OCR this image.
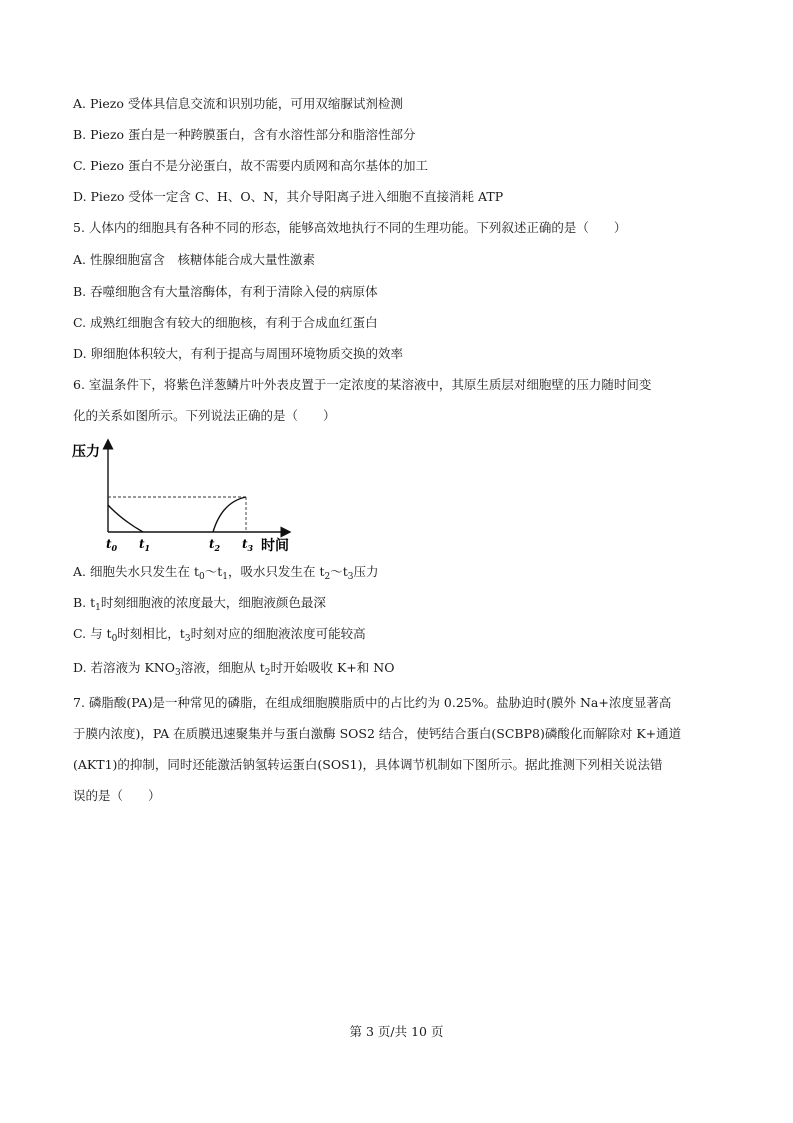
A. Piezo 受体具信息交流和识别功能，可用双缩脲试剂检测
B. Piezo 蛋白是一种跨膜蛋白，含有水溶性部分和脂溶性部分
C. Piezo 蛋白不是分泌蛋白，故不需要内质网和高尔基体的加工
D. Piezo 受体一定含 C、H、O、N，其介导阳离子进入细胞不直接消耗 ATP
5. 人体内的细胞具有各种不同的形态，能够高效地执行不同的生理功能。下列叙述正确的是（　　）
A. 性腺细胞富含　核糖体能合成大量性激素
B. 吞噬细胞含有大量溶酶体，有利于清除入侵的病原体
C. 成熟红细胞含有较大的细胞核，有利于合成血红蛋白
D. 卵细胞体积较大，有利于提高与周围环境物质交换的效率
6. 室温条件下，将紫色洋葱鳞片叶外表皮置于一定浓度的某溶液中，其原生质层对细胞壁的压力随时间变
化的关系如图所示。下列说法正确的是（　　）
压力
时间
$t_0$ $t_1$	$t_2$ $t_3$
A. 细胞失水只发生在 $t_0\sim t_1$，吸水只发生在 $t_2\sim t_3$压力
B. $t_1$时刻细胞液的浓度最大，细胞液颜色最深
C. 与 $t_0$时刻相比，$t_3$时刻对应的细胞液浓度可能较高
D. 若溶液为 $KNO_3$溶液，细胞从 $t_2$时开始吸收 K+和 NO
7. 磷脂酸(PA)是一种常见的磷脂，在组成细胞膜脂质中的占比约为 0.25%。盐胁迫时(膜外 Na+浓度显著高
于膜内浓度)，PA 在质膜迅速聚集并与蛋白激酶 SOS2 结合，使钙结合蛋白(SCBP8)磷酸化而解除对 K+通道
(AKT1)的抑制，同时还能激活钠氢转运蛋白(SOS1)，具体调节机制如下图所示。据此推测下列相关说法错
误的是（　　）
第 3 页/共 10 页
